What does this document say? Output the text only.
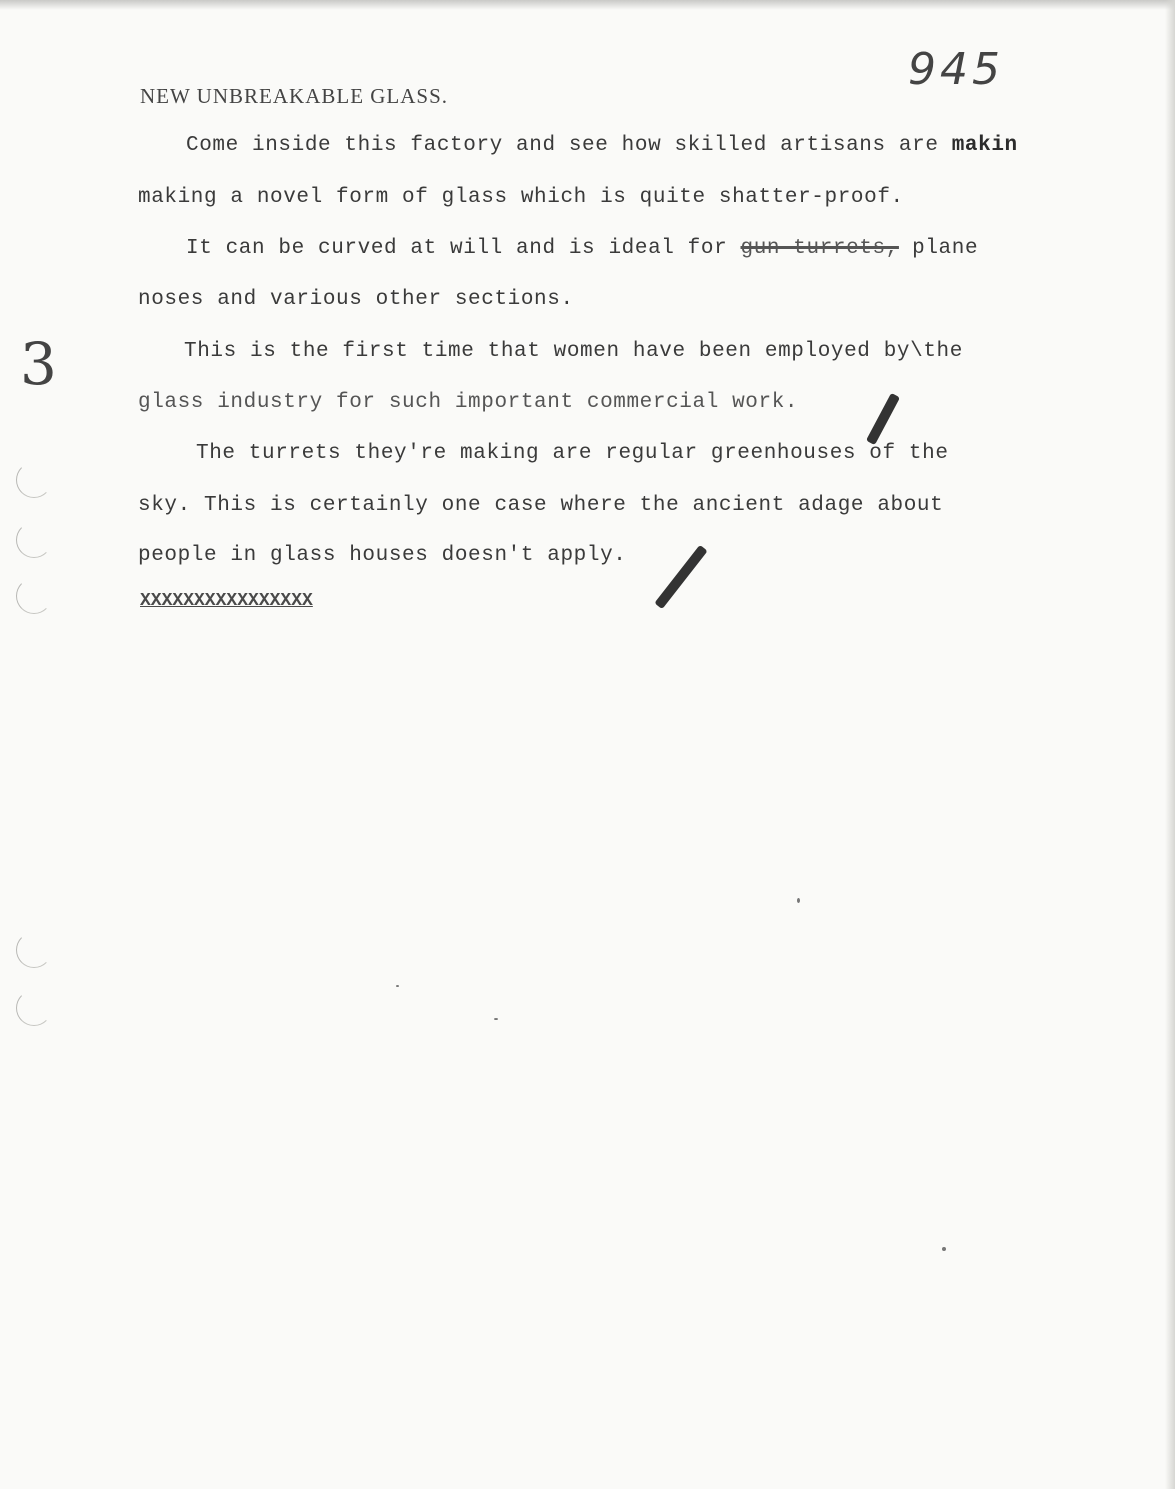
945
NEW UNBREAKABLE GLASS.
Come inside this factory and see how skilled artisans are makin
making a novel form of glass which is quite shatter-proof.
It can be curved at will and is ideal for gun turrets, plane
noses and various other sections.
This is the first time that women have been employed by\the
glass industry for such important commercial work.
The turrets they're making are regular greenhouses of the
sky. This is certainly one case where the ancient adage about
people in glass houses doesn't apply.
XXXXXXXXXXXXXXXX
3
